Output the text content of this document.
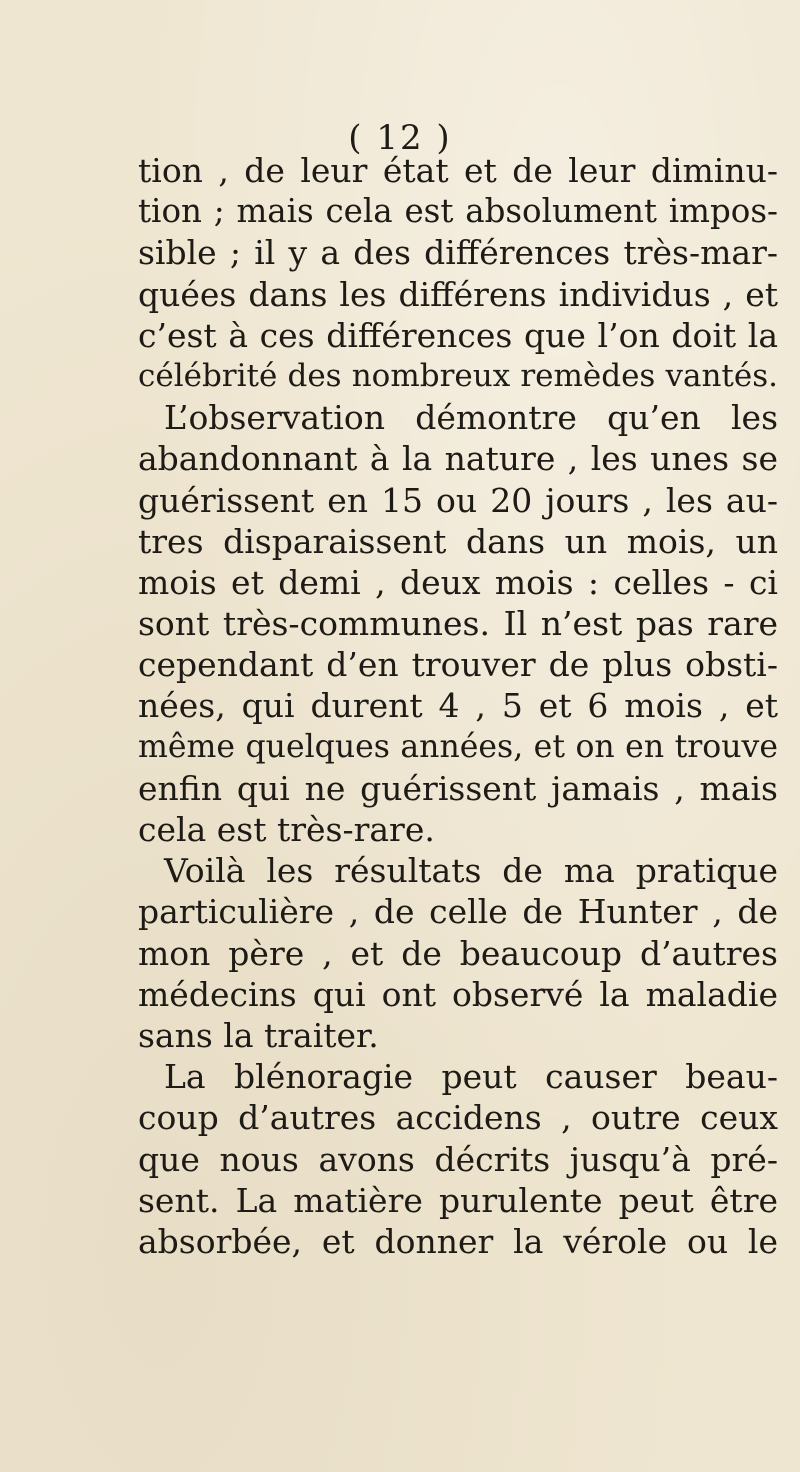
( 12 )
tion , de leur état et de leur diminu-
tion ; mais cela est absolument impos-
sible ; il y a des différences très-mar-
quées dans les différens individus , et
c’est à ces différences que l’on doit la
célébrité des nombreux remèdes vantés.
L’observation démontre qu’en les
abandonnant à la nature , les unes se
guérissent en 15 ou 20 jours , les au-
tres disparaissent dans un mois, un
mois et demi , deux mois : celles - ci
sont très-communes. Il n’est pas rare
cependant d’en trouver de plus obsti-
nées, qui durent 4 , 5 et 6 mois , et
même quelques années, et on en trouve
enfin qui ne guérissent jamais , mais
cela est très-rare.
Voilà les résultats de ma pratique
particulière , de celle de Hunter , de
mon père , et de beaucoup d’autres
médecins qui ont observé la maladie
sans la traiter.
La blénoragie peut causer beau-
coup d’autres accidens , outre ceux
que nous avons décrits jusqu’à pré-
sent. La matière purulente peut être
absorbée, et donner la vérole ou le
